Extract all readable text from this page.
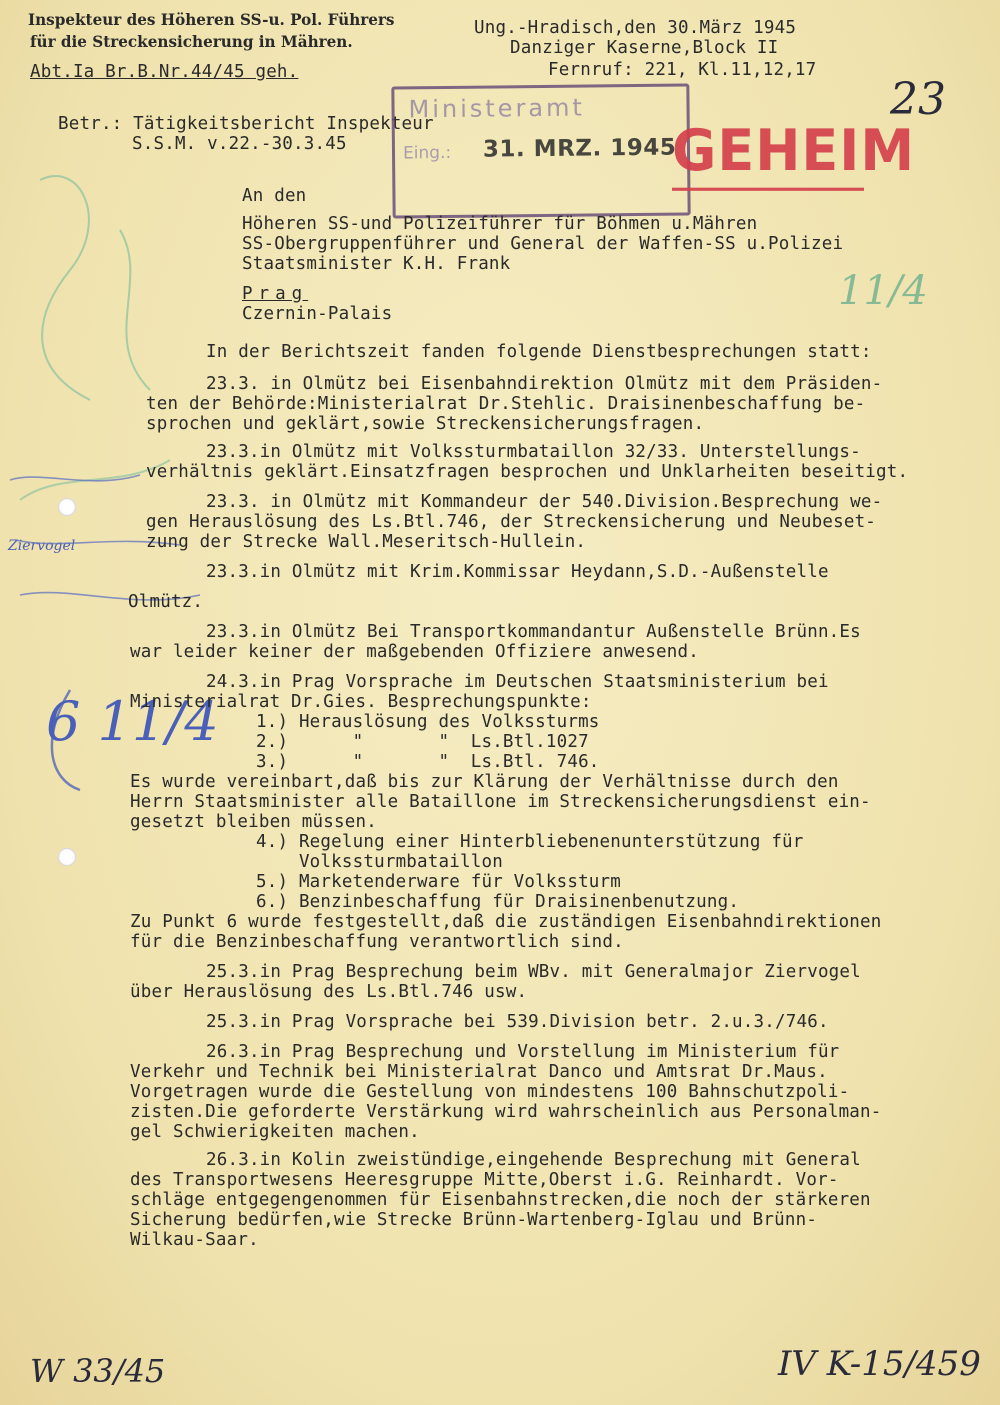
Inspekteur des Höheren SS-u. Pol. Führers
für die Streckensicherung in Mähren.
Abt.Ia Br.B.Nr.44/45 geh.
Ung.-Hradisch,den 30.März 1945
Danziger Kaserne,Block II
Fernruf: 221, Kl.11,12,17
Betr.: Tätigkeitsbericht Inspekteur
S.S.M. v.22.-30.3.45
Ministeramt
Eing.: 31. MRZ. 1945
GEHEIM
23
11/4
Ziervogel
6 11/4
W 33/45	IV K-15/459
An den
Höheren SS-und Polizeiführer für Böhmen u.Mähren
SS-Obergruppenführer und General der Waffen-SS u.Polizei
Staatsminister K.H. Frank
Prag
Czernin-Palais
In der Berichtszeit fanden folgende Dienstbesprechungen statt:
23.3. in Olmütz bei Eisenbahndirektion Olmütz mit dem Präsiden-
ten der Behörde:Ministerialrat Dr.Stehlic. Draisinenbeschaffung be-
sprochen und geklärt,sowie Streckensicherungsfragen.
23.3.in Olmütz mit Volkssturmbataillon 32/33. Unterstellungs-
verhältnis geklärt.Einsatzfragen besprochen und Unklarheiten beseitigt.
23.3. in Olmütz mit Kommandeur der 540.Division.Besprechung we-
gen Herauslösung des Ls.Btl.746, der Streckensicherung und Neubeset-
zung der Strecke Wall.Meseritsch-Hullein.
23.3.in Olmütz mit Krim.Kommissar Heydann,S.D.-Außenstelle
Olmütz.
23.3.in Olmütz Bei Transportkommandantur Außenstelle Brünn.Es
war leider keiner der maßgebenden Offiziere anwesend.
24.3.in Prag Vorsprache im Deutschen Staatsministerium bei
Ministerialrat Dr.Gies. Besprechungspunkte:
1.) Herauslösung des Volkssturms
2.)      "       "  Ls.Btl.1027
3.)      "       "  Ls.Btl. 746.
Es wurde vereinbart,daß bis zur Klärung der Verhältnisse durch den
Herrn Staatsminister alle Bataillone im Streckensicherungsdienst ein-
gesetzt bleiben müssen.
4.) Regelung einer Hinterbliebenenunterstützung für
Volkssturmbataillon
5.) Marketenderware für Volkssturm
6.) Benzinbeschaffung für Draisinenbenutzung.
Zu Punkt 6 wurde festgestellt,daß die zuständigen Eisenbahndirektionen
für die Benzinbeschaffung verantwortlich sind.
25.3.in Prag Besprechung beim WBv. mit Generalmajor Ziervogel
über Herauslösung des Ls.Btl.746 usw.
25.3.in Prag Vorsprache bei 539.Division betr. 2.u.3./746.
26.3.in Prag Besprechung und Vorstellung im Ministerium für
Verkehr und Technik bei Ministerialrat Danco und Amtsrat Dr.Maus.
Vorgetragen wurde die Gestellung von mindestens 100 Bahnschutzpoli-
zisten.Die geforderte Verstärkung wird wahrscheinlich aus Personalman-
gel Schwierigkeiten machen.
26.3.in Kolin zweistündige,eingehende Besprechung mit General
des Transportwesens Heeresgruppe Mitte,Oberst i.G. Reinhardt. Vor-
schläge entgegengenommen für Eisenbahnstrecken,die noch der stärkeren
Sicherung bedürfen,wie Strecke Brünn-Wartenberg-Iglau und Brünn-
Wilkau-Saar.
